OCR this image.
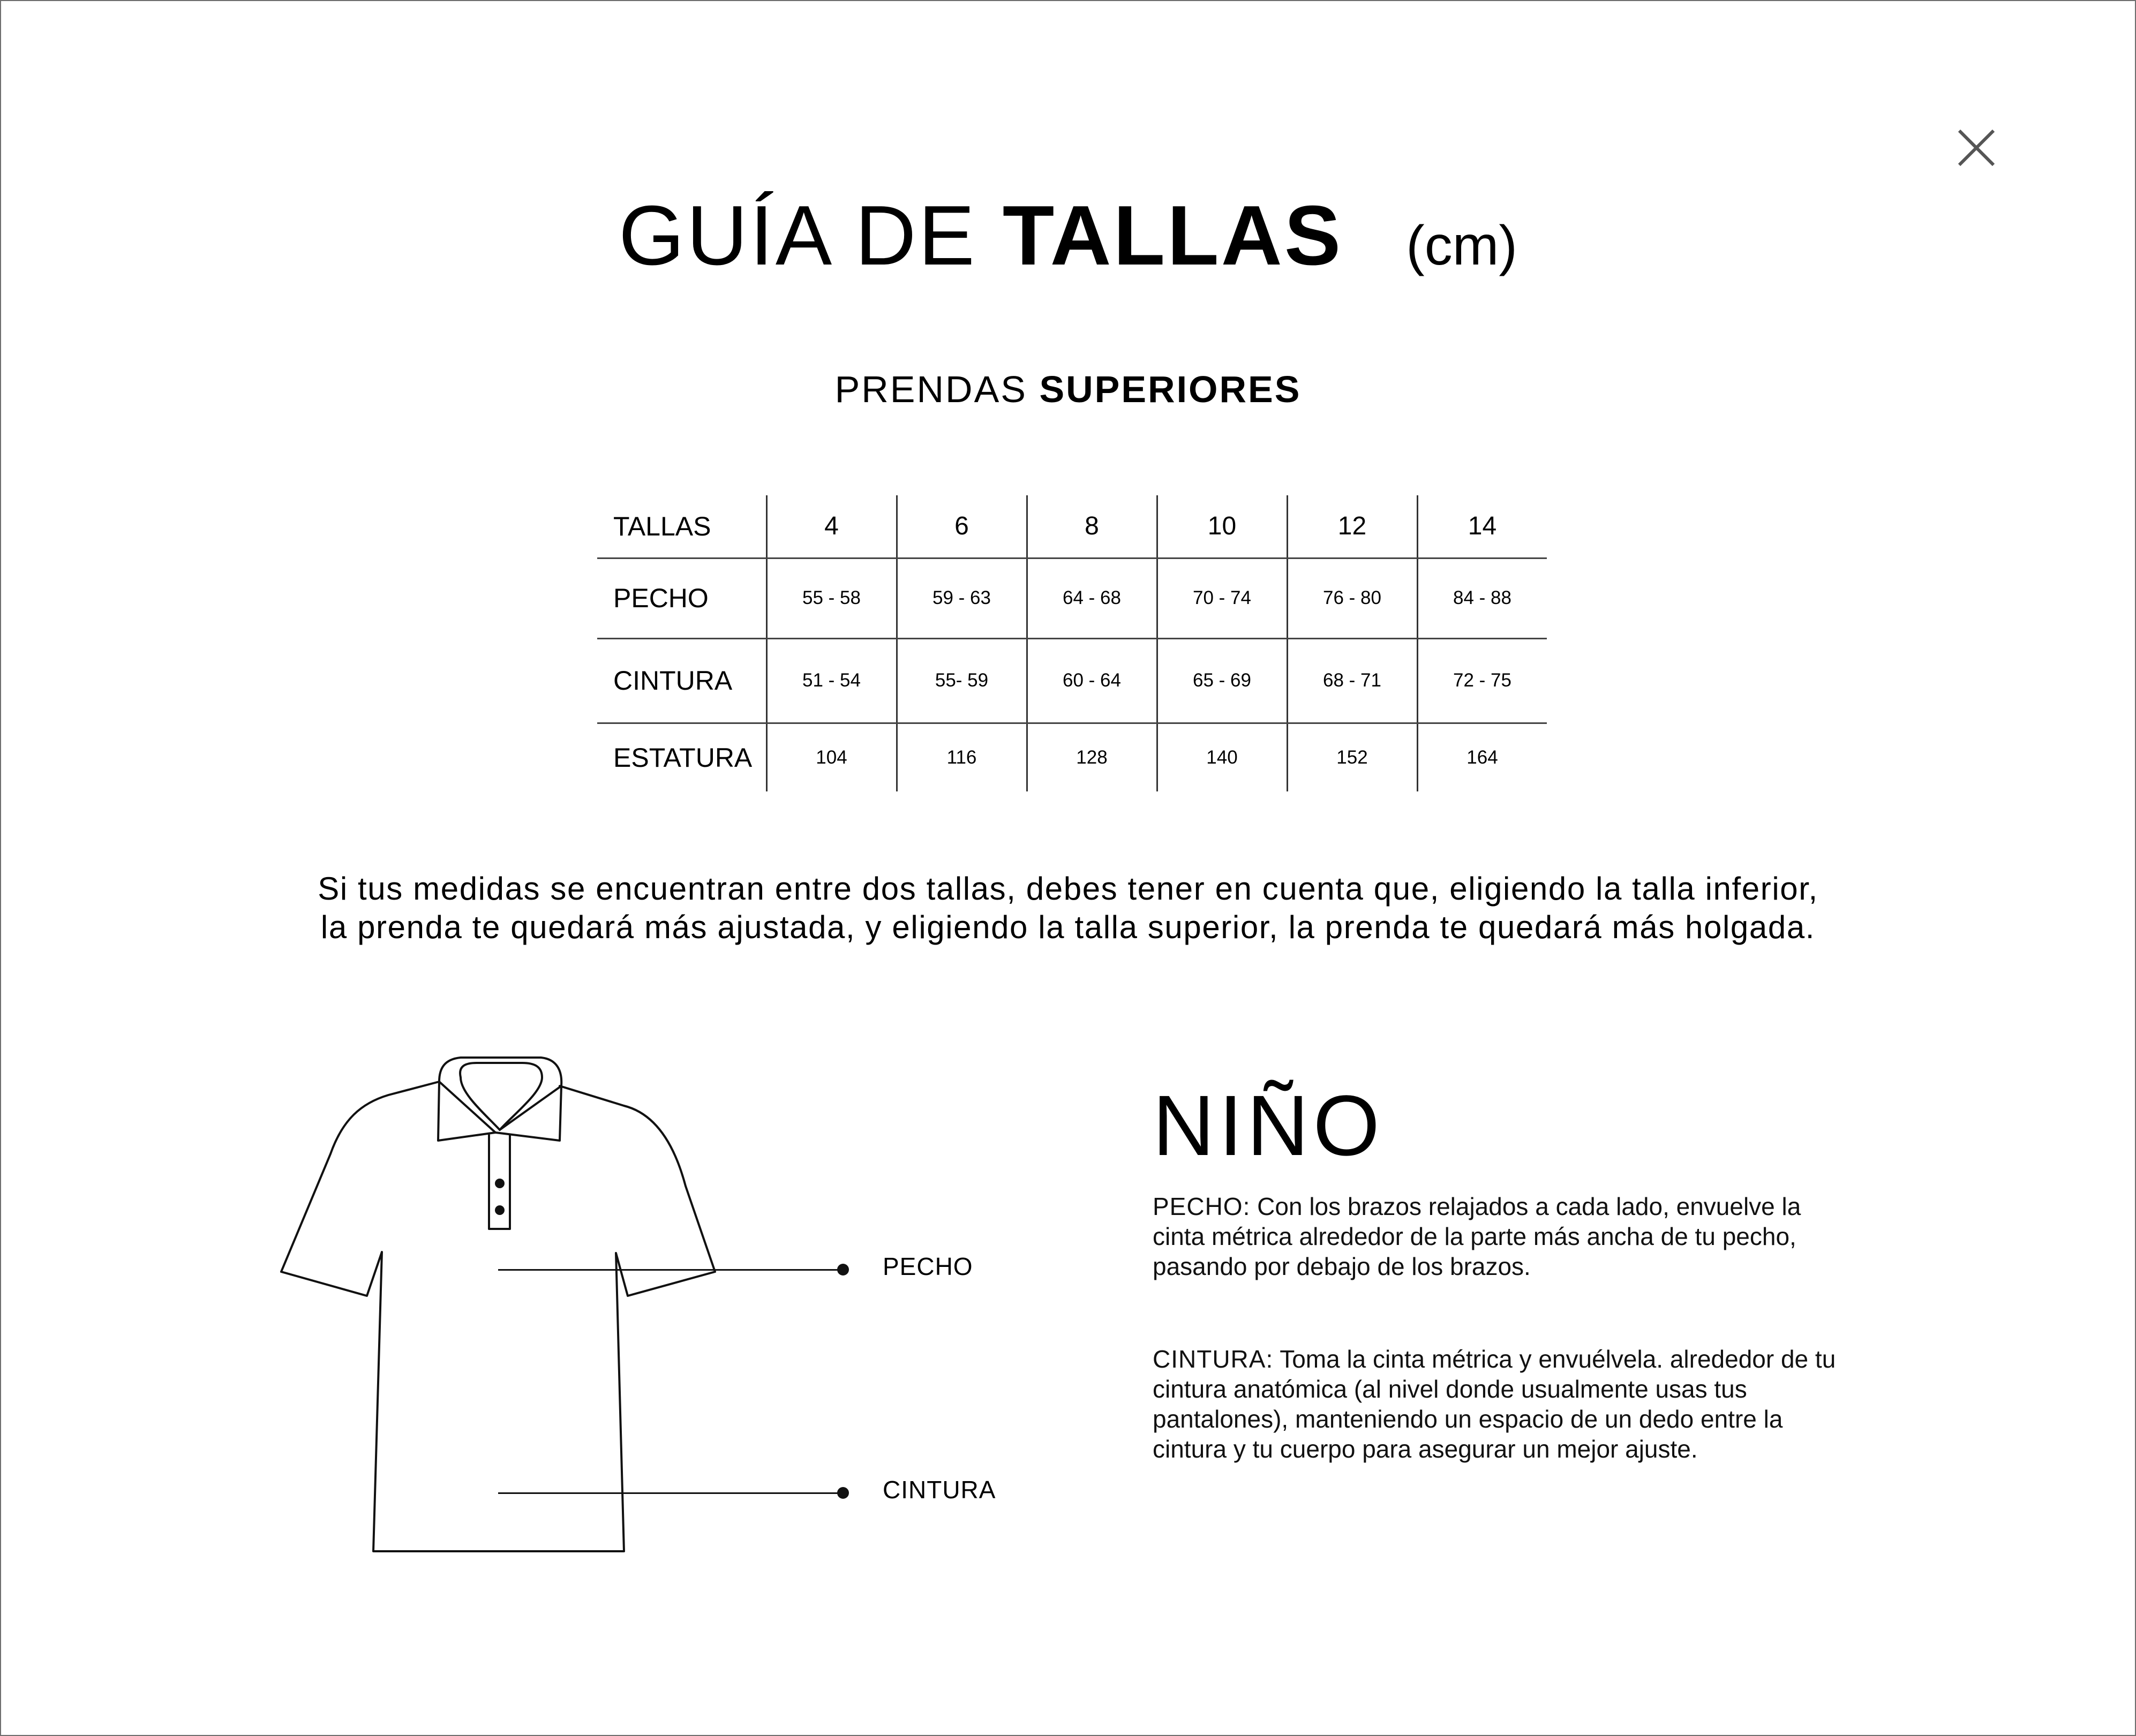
GUÍA DE TALLAS (cm)
PRENDAS SUPERIORES
TALLAS	4	6	8	10	12	14
PECHO	55 - 58	59 - 63	64 - 68	70 - 74	76 - 80	84 - 88
CINTURA	51 - 54	55- 59	60 - 64	65 - 69	68 - 71	72 - 75
ESTATURA	104	116	128	140	152	164
Si tus medidas se encuentran entre dos tallas, debes tener en cuenta que, eligiendo la talla inferior,
la prenda te quedará más ajustada, y eligiendo la talla superior, la prenda te quedará más holgada.
PECHO
CINTURA
NIÑO
PECHO: Con los brazos relajados a cada lado, envuelve la
cinta métrica alrededor de la parte más ancha de tu pecho,
pasando por debajo de los brazos.
CINTURA: Toma la cinta métrica y envuélvela. alrededor de tu
cintura anatómica (al nivel donde usualmente usas tus
pantalones), manteniendo un espacio de un dedo entre la
cintura y tu cuerpo para asegurar un mejor ajuste.
